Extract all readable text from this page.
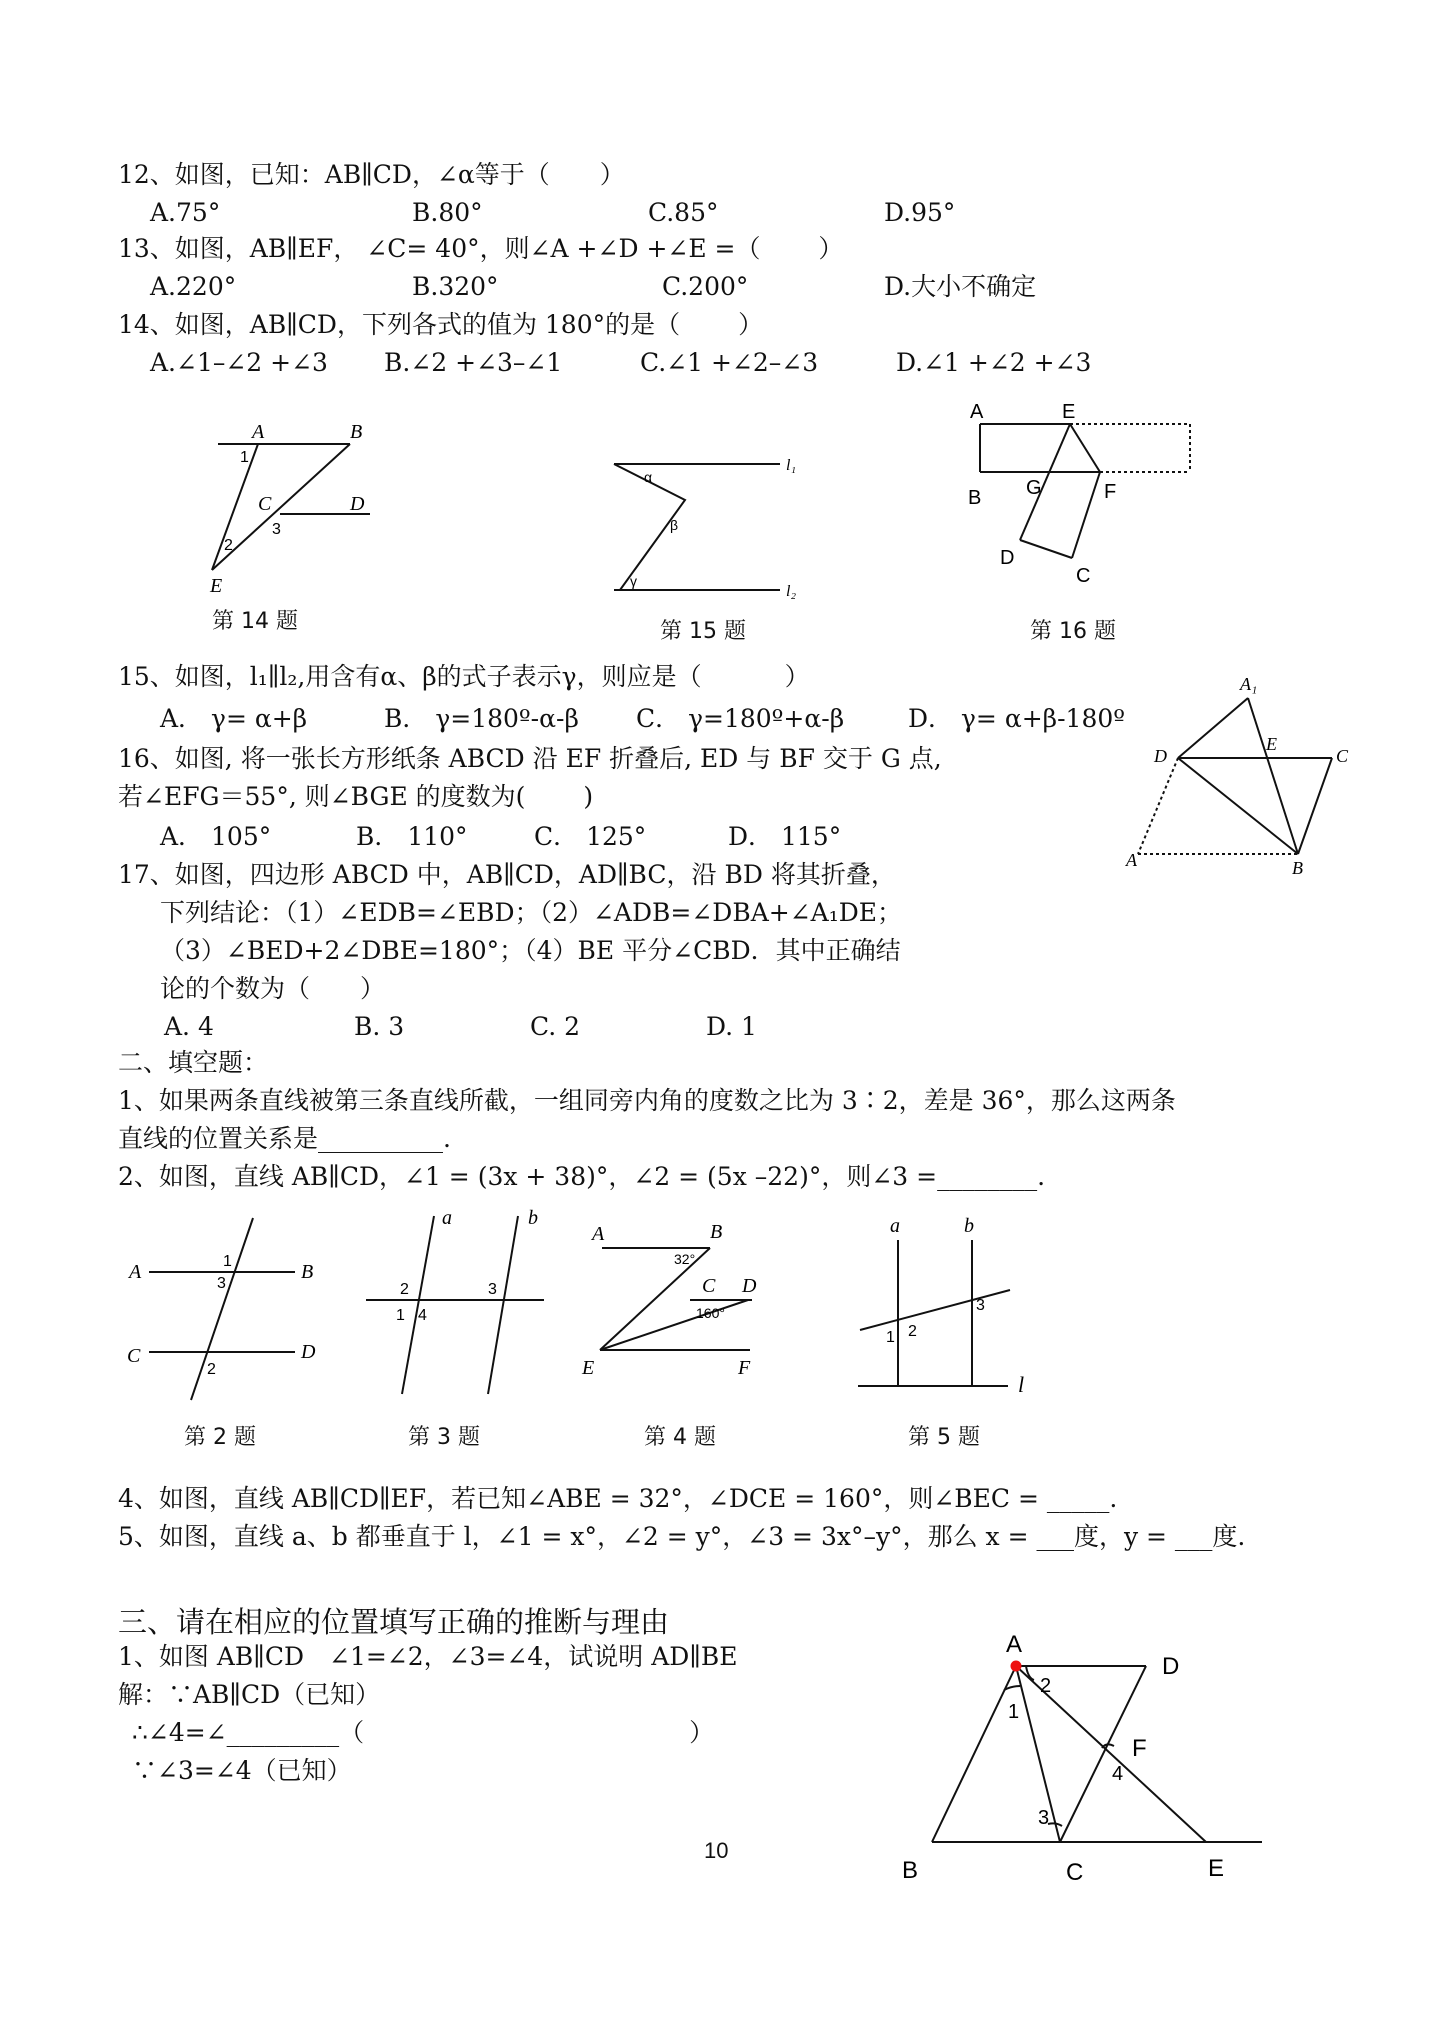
12、如图，已知：AB∥CD，∠α等于（　　）
A.75°	B.80°	C.85°	D.95°
13、如图，AB∥EF， ∠C= 40°，则∠A +∠D +∠E =（　　 ）
A.220°	B.320°	C.200°	D.大小不确定
14、如图，AB∥CD，下列各式的值为 180°的是（　　 ）
A.∠1–∠2 +∠3 B.∠2 +∠3–∠1	C.∠1 +∠2–∠3	D.∠1 +∠2 +∠3
A	B
C	D
E
1
2
3
第 14 题
l₁
l₂
α
β
γ
第 15 题
A	E
B G	F
D
C
第 16 题
15、如图，l₁∥l₂,用含有α、β的式子表示γ，则应是（　　　 ）
A． γ= α+β	B． γ=180º-α-β C． γ=180º+α-β	D． γ= α+β-180º
16、如图, 将一张长方形纸条 ABCD 沿 EF 折叠后, ED 与 BF 交于 G 点,
若∠EFG＝55°, 则∠BGE 的度数为(　　 )
A． 105°	B． 110°	C． 125°	D． 115°
A₁
D
E
C
A	B
17、如图，四边形 ABCD 中，AB∥CD，AD∥BC，沿 BD 将其折叠，
下列结论：（1）∠EDB=∠EBD；（2）∠ADB=∠DBA+∠A₁DE；
（3）∠BED+2∠DBE=180°；（4）BE 平分∠CBD．其中正确结
论的个数为（　　）
A. 4	B. 3	C. 2	D. 1
二、填空题：
1、如果两条直线被第三条直线所截，一组同旁内角的度数之比为 3∶2，差是 36°，那么这两条
直线的位置关系是__________.
2、如图，直线 AB∥CD，∠1 = (3x + 38)°，∠2 = (5x –22)°，则∠3 =________.
A	B
C	D
1
3
2
第 2 题
a	b
2
1 4
3
第 3 题
A	B
C D
E	F
32°
160°
第 4 题
a	b
l
1 2
3
第 5 题
4、如图，直线 AB∥CD∥EF，若已知∠ABE = 32°，∠DCE = 160°，则∠BEC = _____.
5、如图，直线 a、b 都垂直于 l，∠1 = x°，∠2 = y°，∠3 = 3x°–y°，那么 x = ___度，y = ___度.
三、请在相应的位置填写正确的推断与理由
1、如图 AB∥CD　∠1=∠2，∠3=∠4，试说明 AD∥BE
解：∵AB∥CD（已知）
∴∠4=∠_________（　　　　　　　　　　　　　）
∵∠3=∠4（已知）
A
D
F
B	C	E
1
2
3
4
10
